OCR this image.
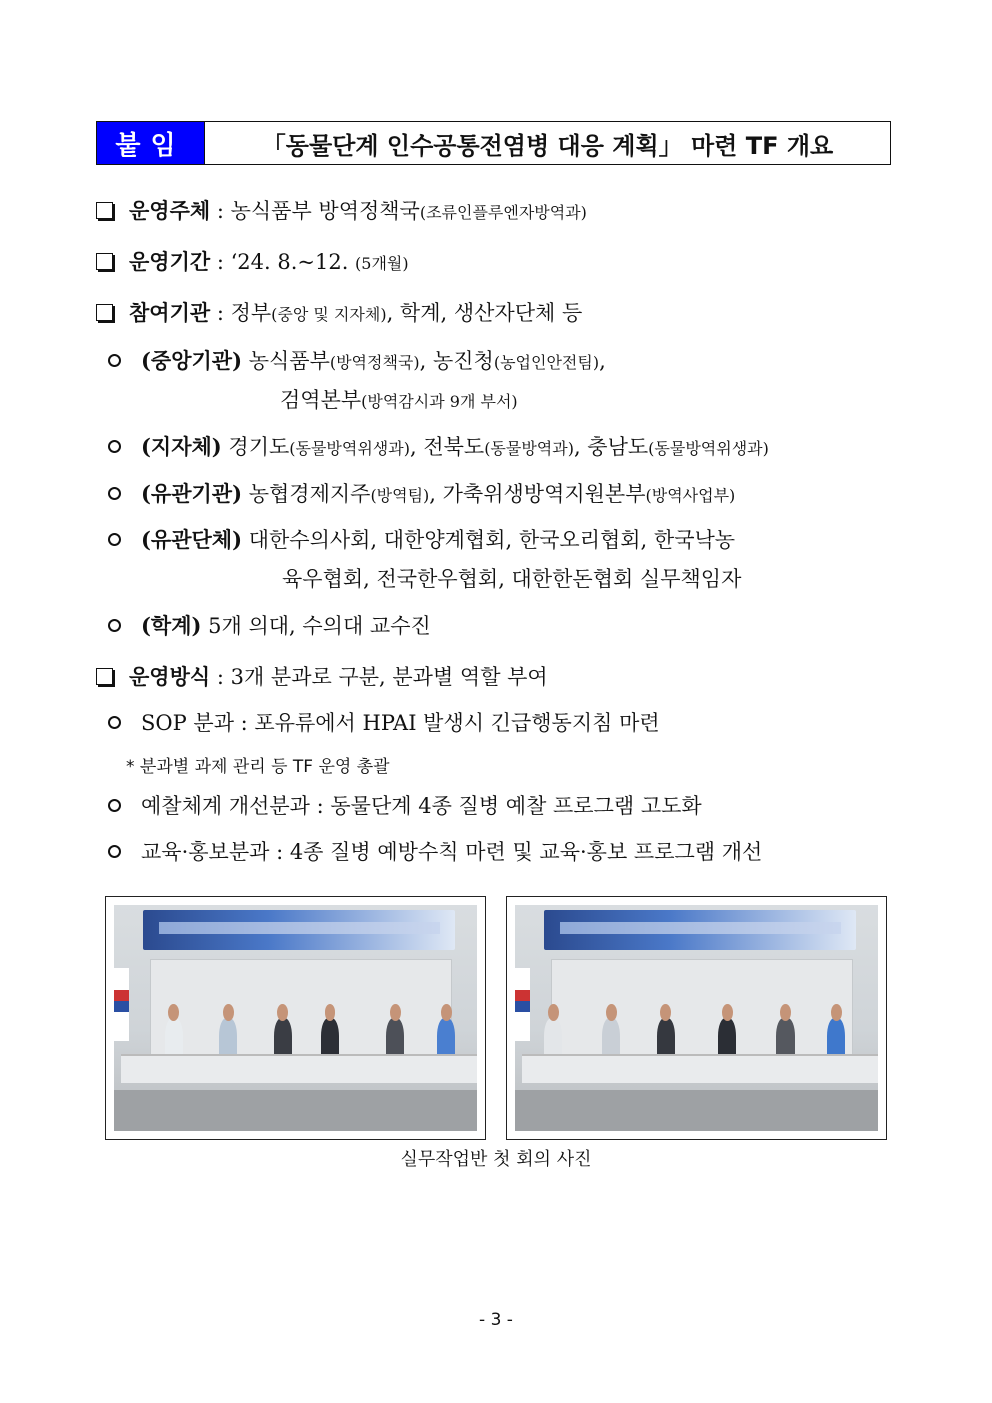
붙임	「동물단계 인수공통전염병 대응 계획」 마련 TF 개요
운영주체 : 농식품부 방역정책국(조류인플루엔자방역과)
운영기간 : ‘24. 8.~12. (5개월)
참여기관 : 정부(중앙 및 지자체), 학계, 생산자단체 등
(중앙기관) 농식품부(방역정책국), 농진청(농업인안전팀),
검역본부(방역감시과 9개 부서)
(지자체) 경기도(동물방역위생과), 전북도(동물방역과), 충남도(동물방역위생과)
(유관기관) 농협경제지주(방역팀), 가축위생방역지원본부(방역사업부)
(유관단체) 대한수의사회, 대한양계협회, 한국오리협회, 한국낙농
육우협회, 전국한우협회, 대한한돈협회 실무책임자
(학계) 5개 의대, 수의대 교수진
운영방식 : 3개 분과로 구분, 분과별 역할 부여
SOP 분과 : 포유류에서 HPAI 발생시 긴급행동지침 마련
* 분과별 과제 관리 등 TF 운영 총괄
예찰체계 개선분과 : 동물단계 4종 질병 예찰 프로그램 고도화
교육·홍보분과 : 4종 질병 예방수칙 마련 및 교육·홍보 프로그램 개선
실무작업반 첫 회의 사진
- 3 -
